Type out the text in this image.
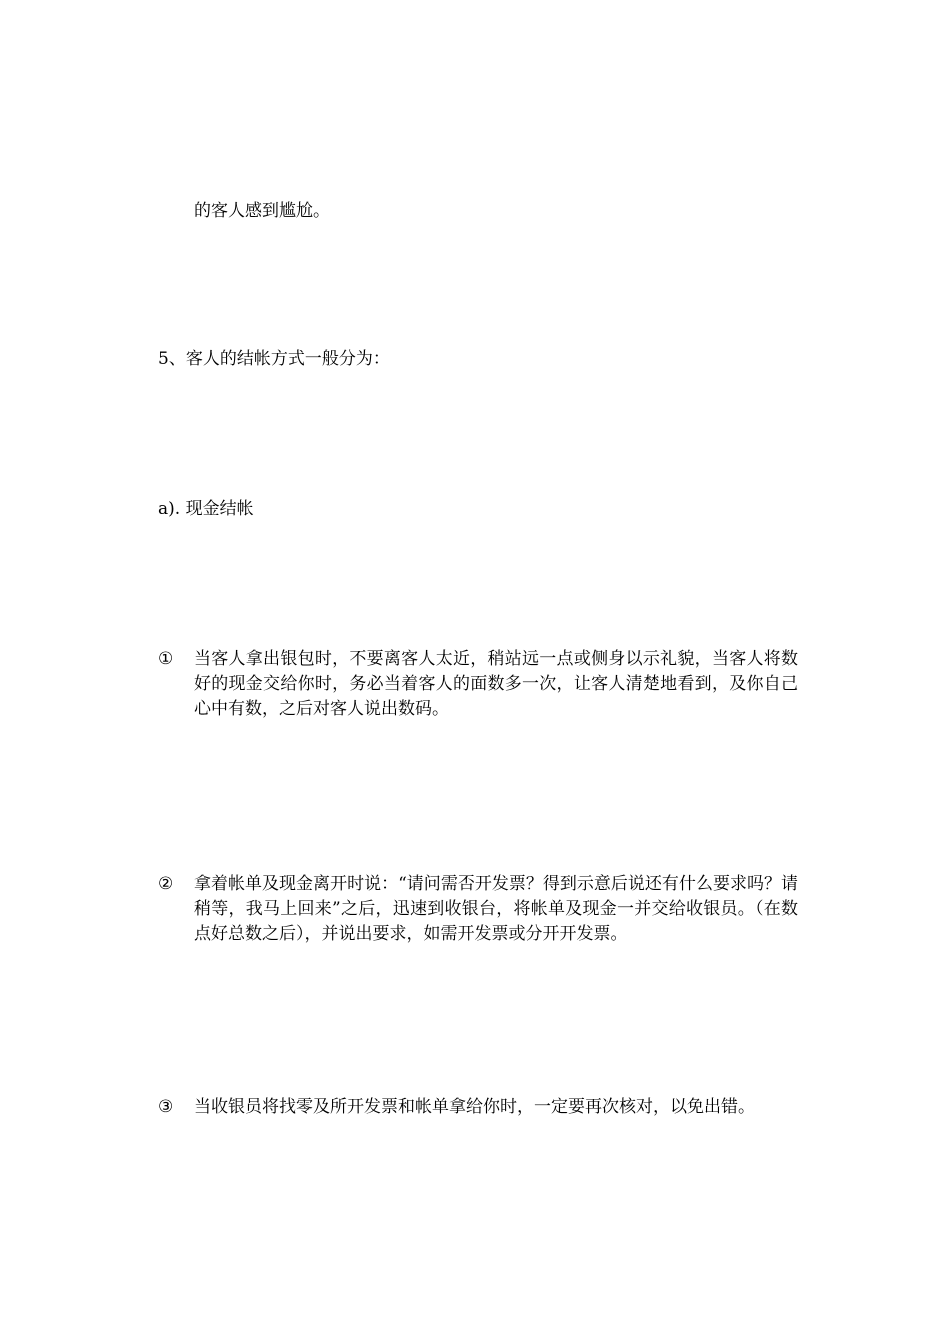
的客人感到尴尬。
5、客人的结帐方式一般分为：
a). 现金结帐
①	当客人拿出银包时，不要离客人太近，稍站远一点或侧身以示礼貌，当客人将数好的现金交给你时，务必当着客人的面数多一次，让客人清楚地看到，及你自己心中有数，之后对客人说出数码。
②	拿着帐单及现金离开时说：“请问需否开发票？得到示意后说还有什么要求吗？请稍等，我马上回来”之后，迅速到收银台，将帐单及现金一并交给收银员。（在数点好总数之后），并说出要求，如需开发票或分开开发票。
③	当收银员将找零及所开发票和帐单拿给你时，一定要再次核对，以免出错。
